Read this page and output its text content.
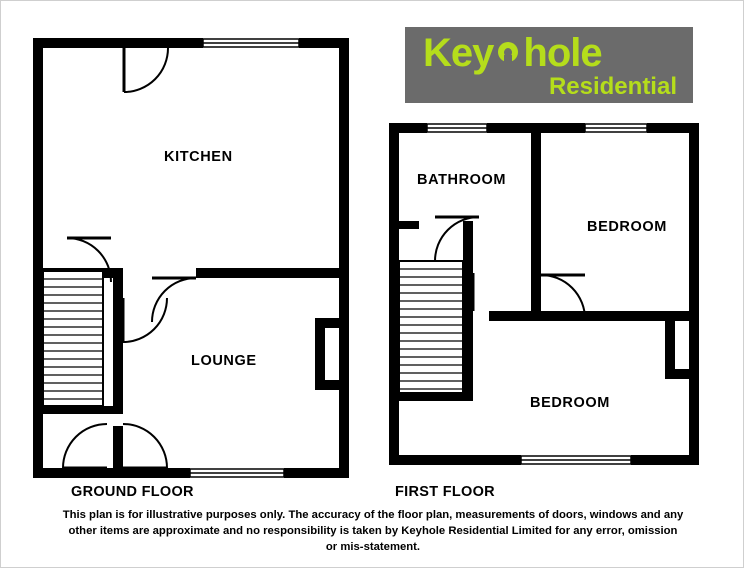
Key hole
Residential
KITCHEN
LOUNGE
GROUND FLOOR
BATHROOM
BEDROOM
BEDROOM
FIRST FLOOR
This plan is for illustrative purposes only. The accuracy of the floor plan, measurements of doors, windows and any
other items are approximate and no responsibility is taken by Keyhole Residential Limited for any error, omission
or mis-statement.
